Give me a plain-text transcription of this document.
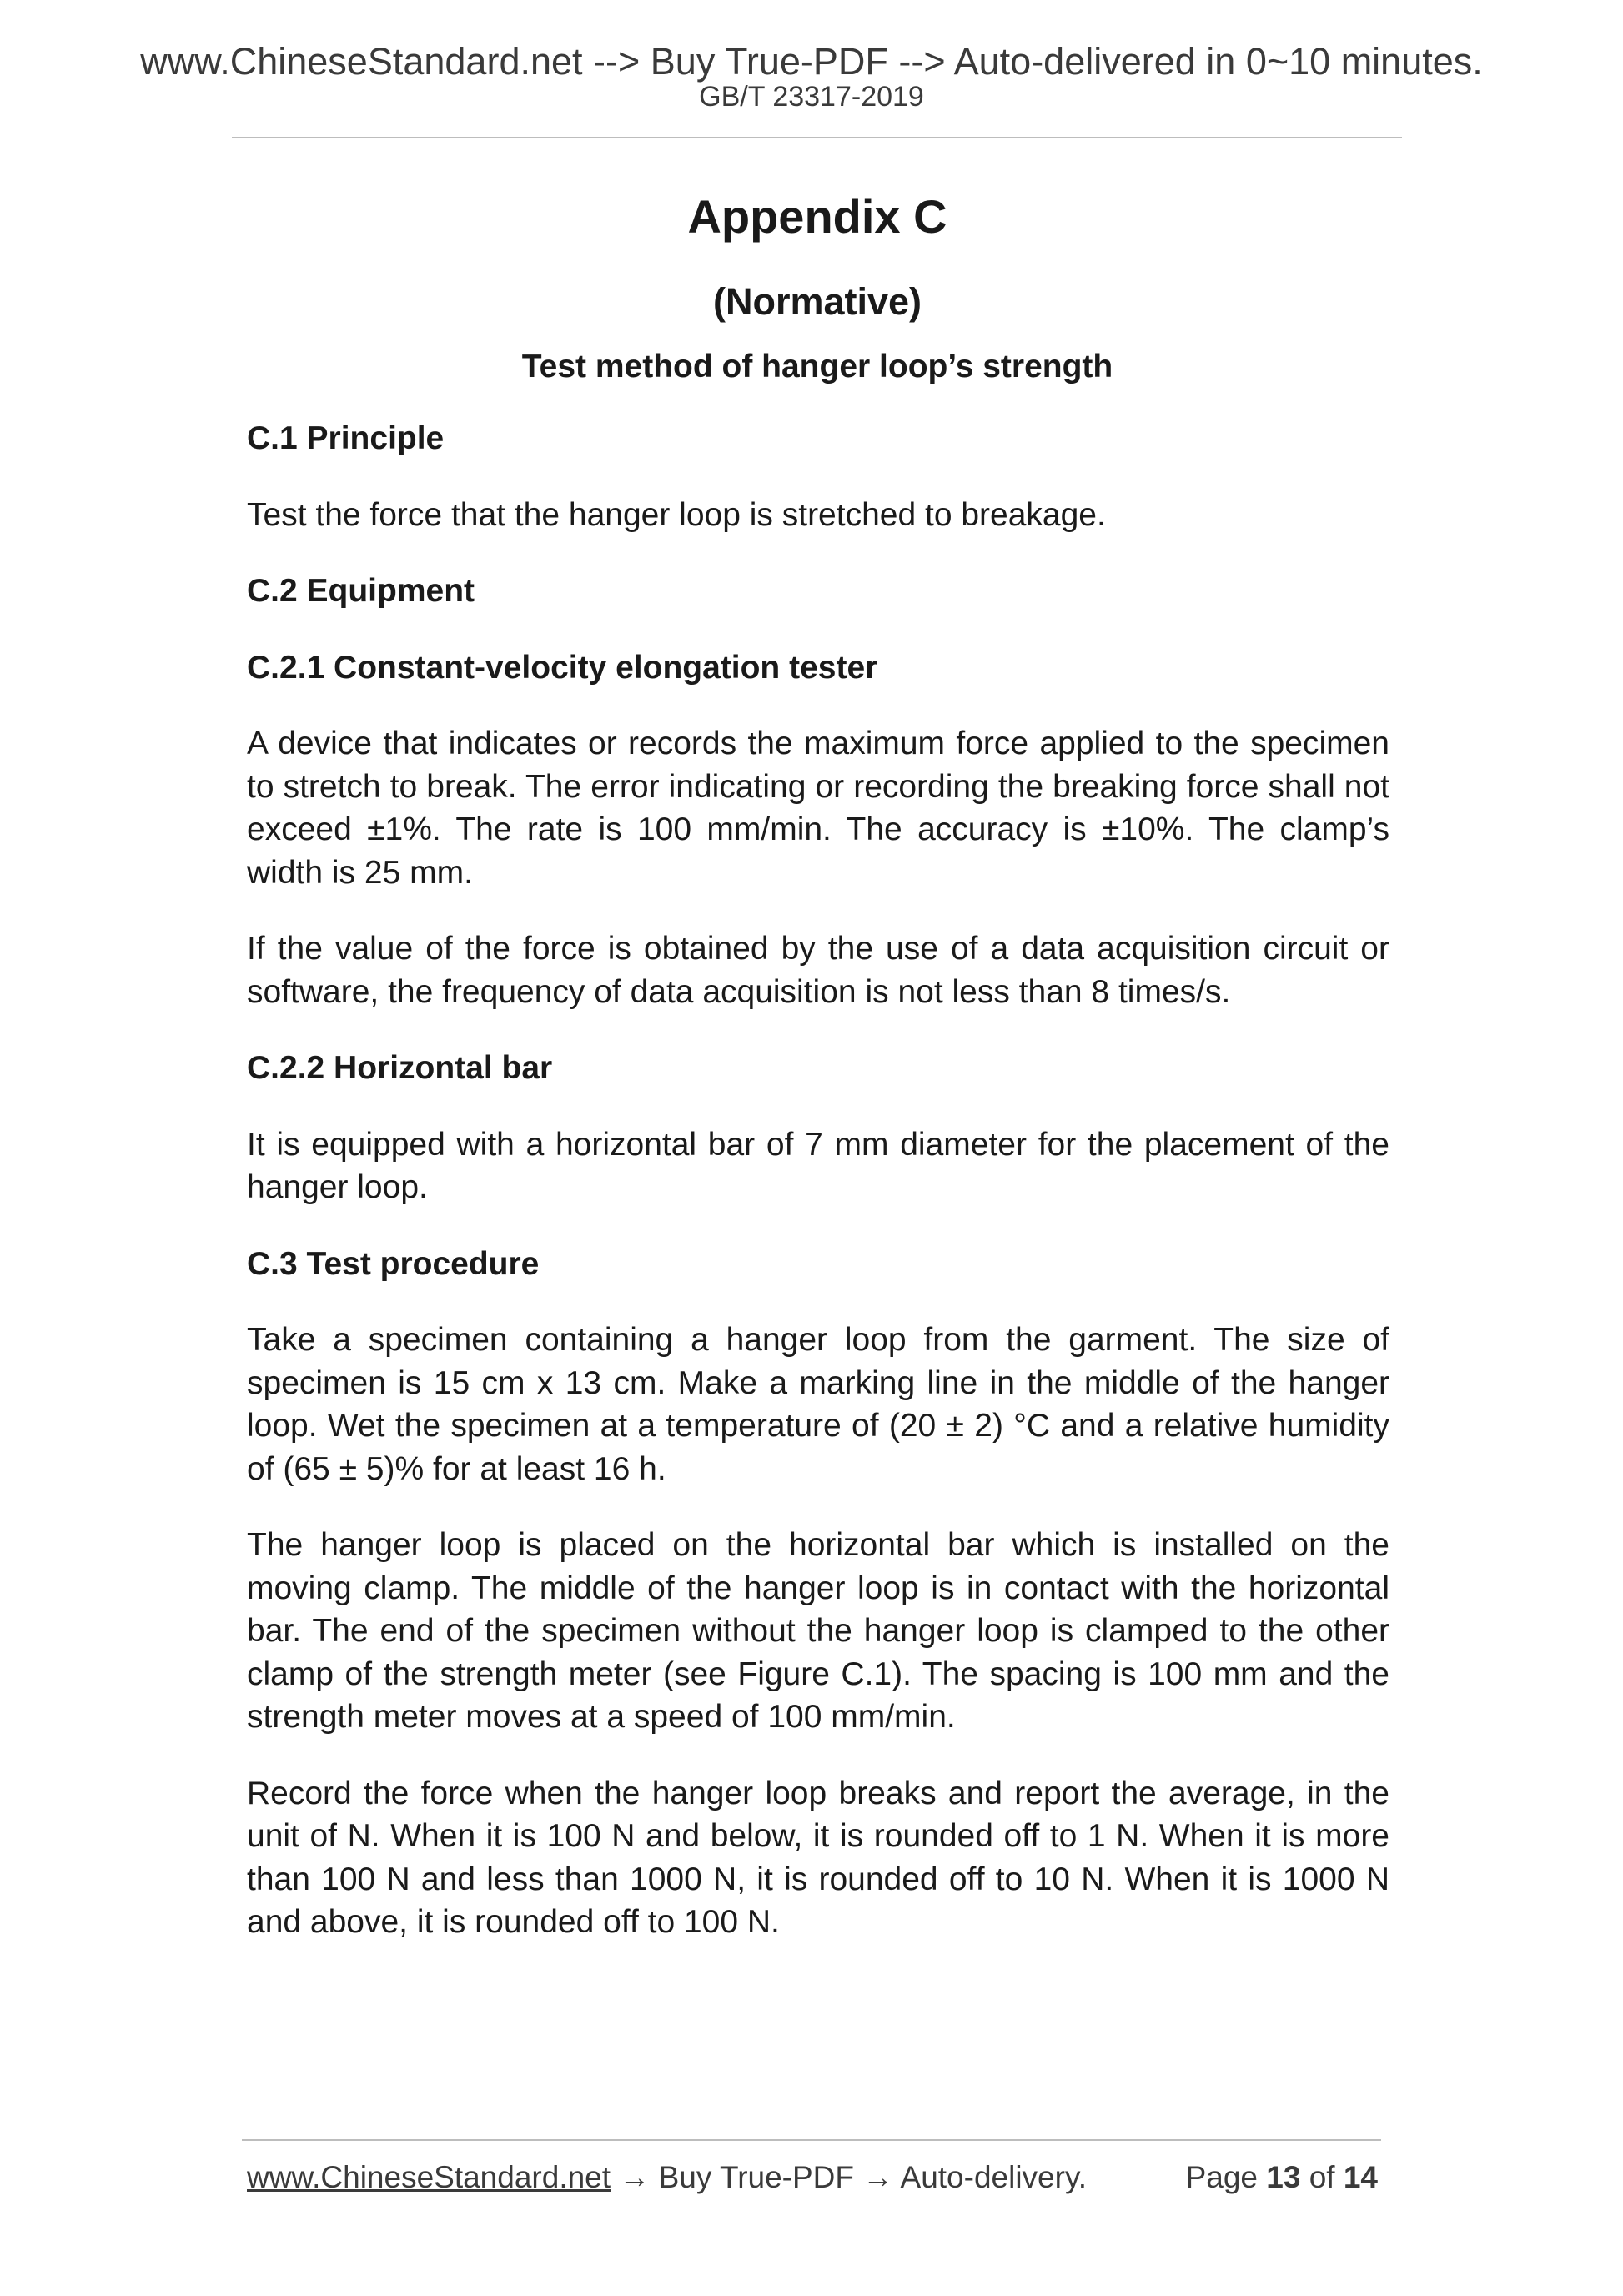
www.ChineseStandard.net --> Buy True-PDF --> Auto-delivered in 0~10 minutes.
GB/T 23317-2019
Appendix C
(Normative)
Test method of hanger loop’s strength
C.1 Principle

Test the force that the hanger loop is stretched to breakage.

C.2 Equipment
C.2.1 Constant-velocity elongation tester

A device that indicates or records the maximum force applied to the specimen to stretch to break. The error indicating or recording the breaking force shall not exceed ±1%. The rate is 100 mm/min. The accuracy is ±10%. The clamp’s width is 25 mm.

If the value of the force is obtained by the use of a data acquisition circuit or software, the frequency of data acquisition is not less than 8 times/s.

C.2.2 Horizontal bar

It is equipped with a horizontal bar of 7 mm diameter for the placement of the hanger loop.

C.3 Test procedure

Take a specimen containing a hanger loop from the garment. The size of specimen is 15 cm x 13 cm. Make a marking line in the middle of the hanger loop. Wet the specimen at a temperature of (20 ± 2) °C and a relative humidity of (65 ± 5)% for at least 16 h.

The hanger loop is placed on the horizontal bar which is installed on the moving clamp. The middle of the hanger loop is in contact with the horizontal bar. The end of the specimen without the hanger loop is clamped to the other clamp of the strength meter (see Figure C.1). The spacing is 100 mm and the strength meter moves at a speed of 100 mm/min.

Record the force when the hanger loop breaks and report the average, in the unit of N. When it is 100 N and below, it is rounded off to 1 N. When it is more than 100 N and less than 1000 N, it is rounded off to 10 N. When it is 1000 N and above, it is rounded off to 100 N.

www.ChineseStandard.net → Buy True-PDF → Auto-delivery.	Page 13 of 14
